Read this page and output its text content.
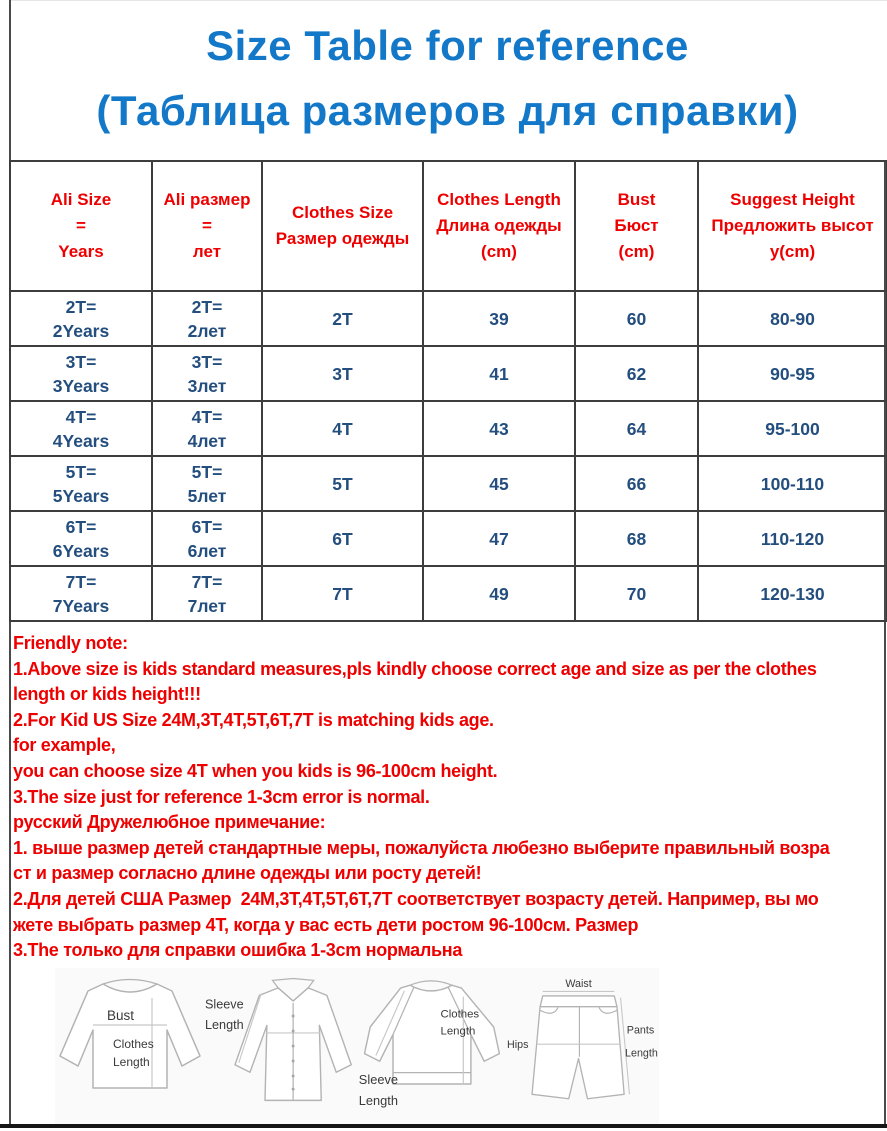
Size Table for reference
(Таблица размеров для справки)
Ali Size
=
Years	Ali размер
=
лет	Clothes Size
Размер одежды	Clothes Length
Длина одежды
(cm)	Bust
Бюст
(cm)	Suggest Height
Предложить высот
у(cm)
2T=
2Years	2T=
2лет	2T	39	60	80-90
3T=
3Years	3T=
3лет	3T	41	62	90-95
4T=
4Years	4T=
4лет	4T	43	64	95-100
5T=
5Years	5T=
5лет	5T	45	66	100-110
6T=
6Years	6T=
6лет	6T	47	68	110-120
7T=
7Years	7T=
7лет	7T	49	70	120-130
Friendly note:
1.Above size is kids standard measures,pls kindly choose correct age and size as per the clothes
length or kids height!!!
2.For Kid US Size 24M,3T,4T,5T,6T,7T is matching kids age.
for example,
you can choose size 4T when you kids is 96-100cm height.
3.The size just for reference 1-3cm error is normal.
русский Дружелюбное примечание:
1. выше размер детей стандартные меры, пожалуйста любезно выберите правильный возра
ст и размер согласно длине одежды или росту детей!
2.Для детей США Размер  24M,3T,4T,5T,6T,7T соответствует возрасту детей. Например, вы мо
жете выбрать размер 4T, когда у вас есть дети ростом 96-100см. Размер
3.The только для справки ошибка 1-3cm нормальна
Bust
Clothes
Length
Sleeve
Length
Clothes
Length
Sleeve
Length
Waist
Hips
Pants
Length
